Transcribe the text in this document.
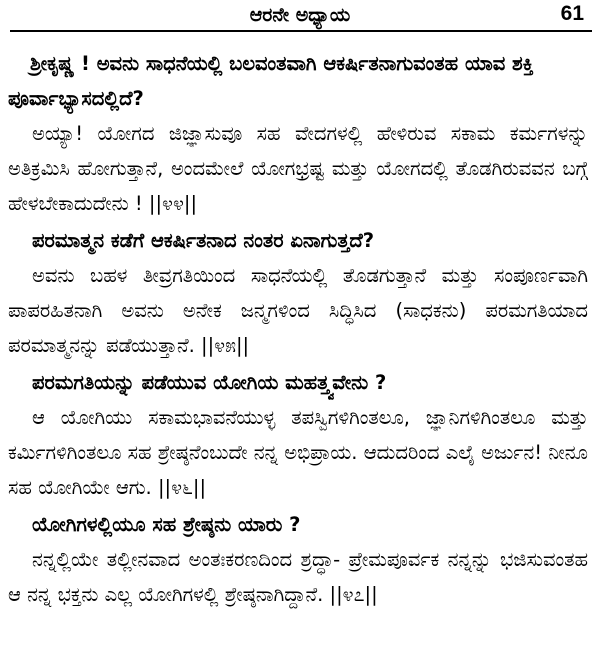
ಆರನೇ ಅಧ್ಯಾಯ	61

ಶ್ರೀಕೃಷ್ಣ ! ಅವನು ಸಾಧನೆಯಲ್ಲಿ ಬಲವಂತವಾಗಿ ಆಕರ್ಷಿತನಾಗುವಂತಹ ಯಾವ ಶಕ್ತಿ ಪೂರ್ವಾಭ್ಯಾಸದಲ್ಲಿದೆ?

ಅಯ್ಯಾ! ಯೋಗದ ಜಿಜ್ಞಾಸುವೂ ಸಹ ವೇದಗಳಲ್ಲಿ ಹೇಳಿರುವ ಸಕಾಮ ಕರ್ಮಗಳನ್ನು ಅತಿಕ್ರಮಿಸಿ ಹೋಗುತ್ತಾನೆ, ಅಂದಮೇಲೆ ಯೋಗಭ್ರಷ್ಟ ಮತ್ತು ಯೋಗದಲ್ಲಿ ತೊಡಗಿರುವವನ ಬಗ್ಗೆ ಹೇಳಬೇಕಾದುದೇನು ! ||೪೪||

ಪರಮಾತ್ಮನ ಕಡೆಗೆ ಆಕರ್ಷಿತನಾದ ನಂತರ ಏನಾಗುತ್ತದೆ?

ಅವನು ಬಹಳ ತೀವ್ರಗತಿಯಿಂದ ಸಾಧನೆಯಲ್ಲಿ ತೊಡಗುತ್ತಾನೆ ಮತ್ತು ಸಂಪೂರ್ಣವಾಗಿ ಪಾಪರಹಿತನಾಗಿ ಅವನು ಅನೇಕ ಜನ್ಮಗಳಿಂದ ಸಿದ್ಧಿಸಿದ (ಸಾಧಕನು) ಪರಮಗತಿಯಾದ ಪರಮಾತ್ಮನನ್ನು ಪಡೆಯುತ್ತಾನೆ. ||೪೫||

ಪರಮಗತಿಯನ್ನು ಪಡೆಯುವ ಯೋಗಿಯ ಮಹತ್ತ್ವವೇನು ?

ಆ ಯೋಗಿಯು ಸಕಾಮಭಾವನೆಯುಳ್ಳ ತಪಸ್ವಿಗಳಿಗಿಂತಲೂ, ಜ್ಞಾನಿಗಳಿಗಿಂತಲೂ ಮತ್ತು ಕರ್ಮಿಗಳಿಗಿಂತಲೂ ಸಹ ಶ್ರೇಷ್ಠನೆಂಬುದೇ ನನ್ನ ಅಭಿಪ್ರಾಯ. ಆದುದರಿಂದ ಎಲೈ ಅರ್ಜುನ! ನೀನೂ ಸಹ ಯೋಗಿಯೇ ಆಗು. ||೪೬||

ಯೋಗಿಗಳಲ್ಲಿಯೂ ಸಹ ಶ್ರೇಷ್ಠನು ಯಾರು ?

ನನ್ನಲ್ಲಿಯೇ ತಲ್ಲೀನವಾದ ಅಂತಃಕರಣದಿಂದ ಶ್ರದ್ಧಾ- ಪ್ರೇಮಪೂರ್ವಕ ನನ್ನನ್ನು ಭಜಿಸುವಂತಹ ಆ ನನ್ನ ಭಕ್ತನು ಎಲ್ಲ ಯೋಗಿಗಳಲ್ಲಿ ಶ್ರೇಷ್ಠನಾಗಿದ್ದಾನೆ. ||೪೭||
